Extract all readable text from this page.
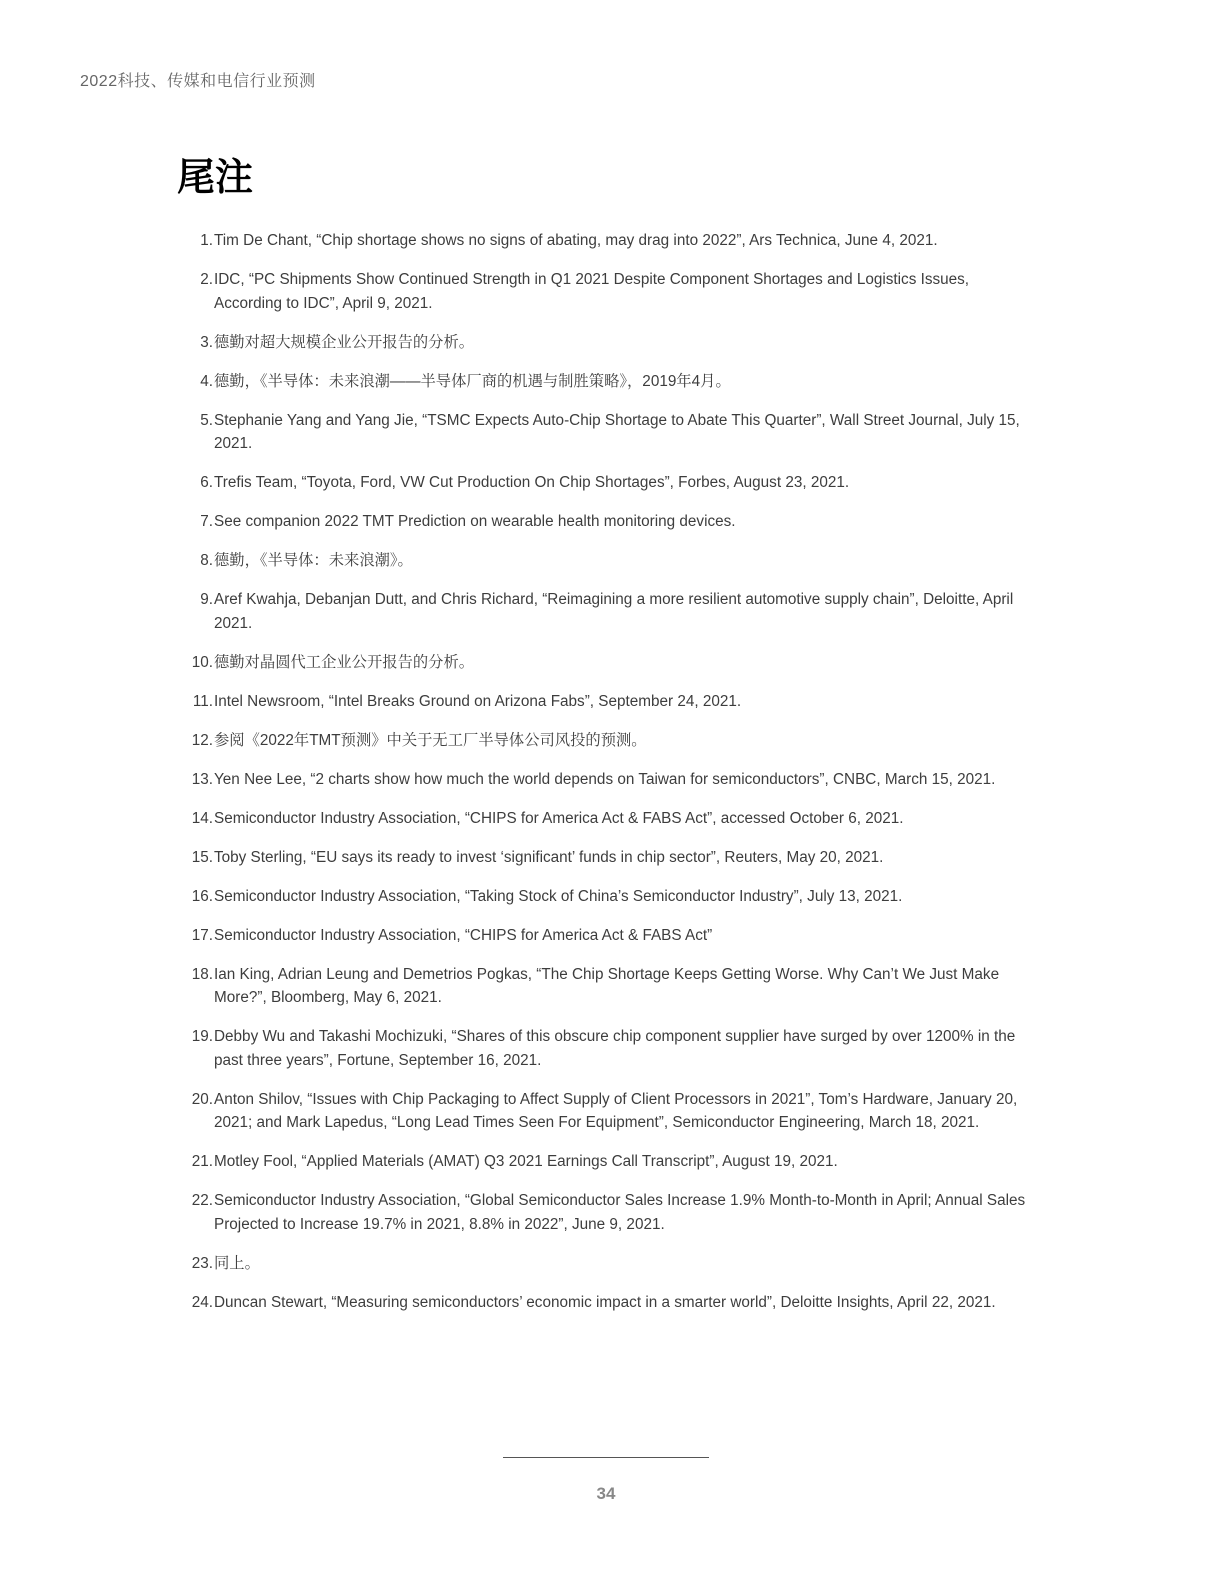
2022科技、传媒和电信行业预测
尾注
1. Tim De Chant, “Chip shortage shows no signs of abating, may drag into 2022”, Ars Technica, June 4, 2021.
2. IDC, “PC Shipments Show Continued Strength in Q1 2021 Despite Component Shortages and Logistics Issues, According to IDC”, April 9, 2021.
3. 德勤对超大规模企业公开报告的分析。
4. 德勤，《半导体：未来浪潮——半导体厂商的机遇与制胜策略》，2019年4月。
5. Stephanie Yang and Yang Jie, “TSMC Expects Auto-Chip Shortage to Abate This Quarter”, Wall Street Journal, July 15, 2021.
6. Trefis Team, “Toyota, Ford, VW Cut Production On Chip Shortages”, Forbes, August 23, 2021.
7. See companion 2022 TMT Prediction on wearable health monitoring devices.
8. 德勤，《半导体：未来浪潮》。
9. Aref Kwahja, Debanjan Dutt, and Chris Richard, “Reimagining a more resilient automotive supply chain”, Deloitte, April 2021.
10. 德勤对晶圆代工企业公开报告的分析。
11. Intel Newsroom, “Intel Breaks Ground on Arizona Fabs”, September 24, 2021.
12. 参阅《2022年TMT预测》中关于无工厂半导体公司风投的预测。
13. Yen Nee Lee, “2 charts show how much the world depends on Taiwan for semiconductors”, CNBC, March 15, 2021.
14. Semiconductor Industry Association, “CHIPS for America Act & FABS Act”, accessed October 6, 2021.
15. Toby Sterling, “EU says its ready to invest ‘significant’ funds in chip sector”, Reuters, May 20, 2021.
16. Semiconductor Industry Association, “Taking Stock of China’s Semiconductor Industry”, July 13, 2021.
17. Semiconductor Industry Association, “CHIPS for America Act & FABS Act”
18. Ian King, Adrian Leung and Demetrios Pogkas, “The Chip Shortage Keeps Getting Worse. Why Can’t We Just Make More?”, Bloomberg, May 6, 2021.
19. Debby Wu and Takashi Mochizuki, “Shares of this obscure chip component supplier have surged by over 1200% in the past three years”, Fortune, September 16, 2021.
20. Anton Shilov, “Issues with Chip Packaging to Affect Supply of Client Processors in 2021”, Tom’s Hardware, January 20, 2021; and Mark Lapedus, “Long Lead Times Seen For Equipment”, Semiconductor Engineering, March 18, 2021.
21. Motley Fool, “Applied Materials (AMAT) Q3 2021 Earnings Call Transcript”, August 19, 2021.
22. Semiconductor Industry Association, “Global Semiconductor Sales Increase 1.9% Month-to-Month in April; Annual Sales Projected to Increase 19.7% in 2021, 8.8% in 2022”, June 9, 2021.
23. 同上。
24. Duncan Stewart, “Measuring semiconductors’ economic impact in a smarter world”, Deloitte Insights, April 22, 2021.
34
